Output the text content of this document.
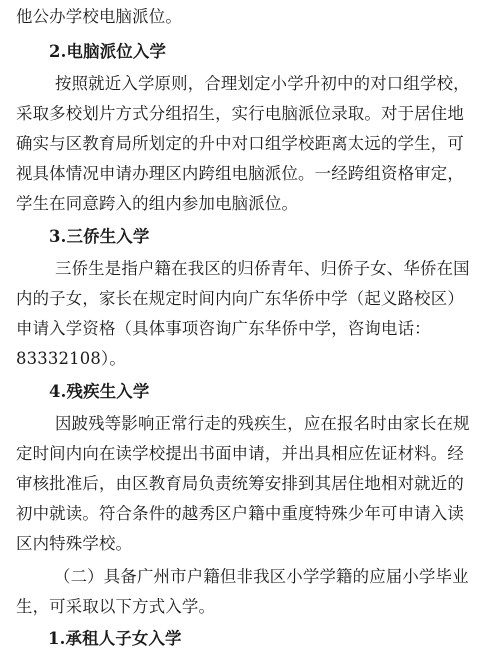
他公办学校电脑派位。
2.电脑派位入学
按照就近入学原则，合理划定小学升初中的对口组学校，
采取多校划片方式分组招生，实行电脑派位录取。对于居住地
确实与区教育局所划定的升中对口组学校距离太远的学生，可
视具体情况申请办理区内跨组电脑派位。一经跨组资格审定，
学生在同意跨入的组内参加电脑派位。
3.三侨生入学
三侨生是指户籍在我区的归侨青年、归侨子女、华侨在国
内的子女，家长在规定时间内向广东华侨中学（起义路校区）
申请入学资格（具体事项咨询广东华侨中学，咨询电话：
83332108）。
4.残疾生入学
因跛残等影响正常行走的残疾生，应在报名时由家长在规
定时间内向在读学校提出书面申请，并出具相应佐证材料。经
审核批准后，由区教育局负责统筹安排到其居住地相对就近的
初中就读。符合条件的越秀区户籍中重度特殊少年可申请入读
区内特殊学校。
（二）具备广州市户籍但非我区小学学籍的应届小学毕业
生，可采取以下方式入学。
1.承租人子女入学
